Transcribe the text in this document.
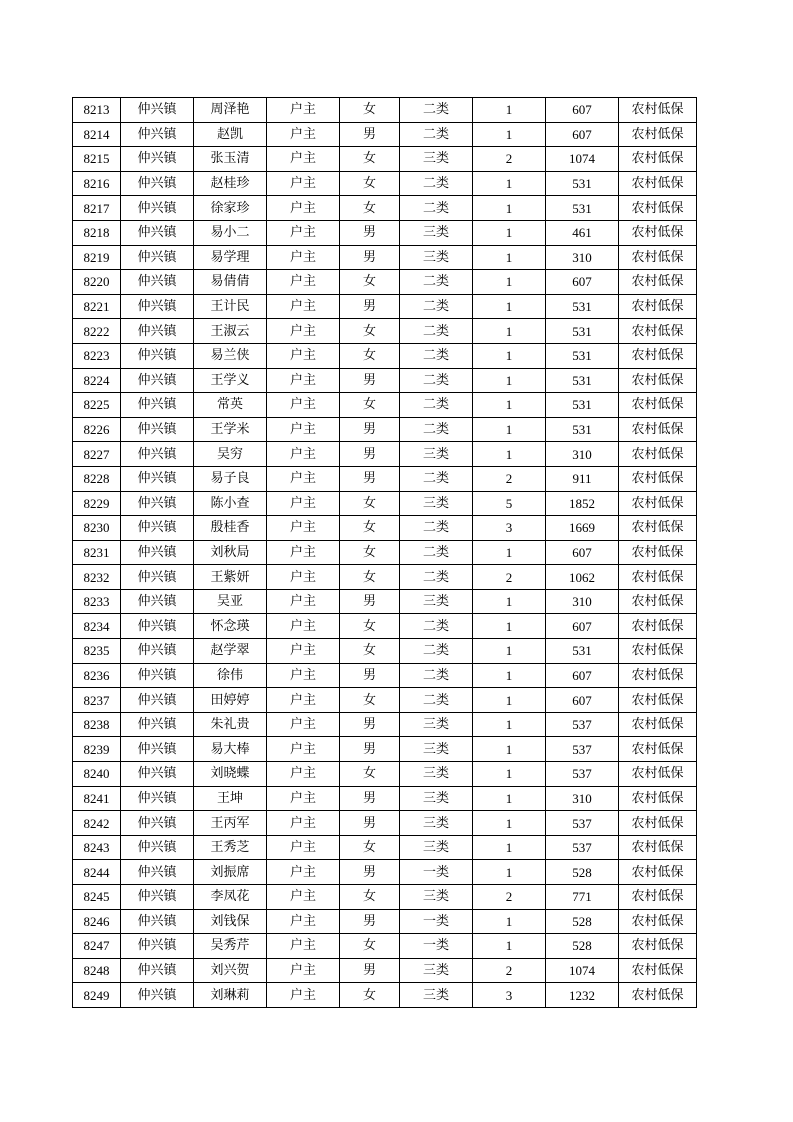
8213	仲兴镇	周泽艳	户主	女	二类	1	607	农村低保
8214	仲兴镇	赵凯	户主	男	二类	1	607	农村低保
8215	仲兴镇	张玉清	户主	女	三类	2	1074	农村低保
8216	仲兴镇	赵桂珍	户主	女	二类	1	531	农村低保
8217	仲兴镇	徐家珍	户主	女	二类	1	531	农村低保
8218	仲兴镇	易小二	户主	男	三类	1	461	农村低保
8219	仲兴镇	易学理	户主	男	三类	1	310	农村低保
8220	仲兴镇	易倩倩	户主	女	二类	1	607	农村低保
8221	仲兴镇	王计民	户主	男	二类	1	531	农村低保
8222	仲兴镇	王淑云	户主	女	二类	1	531	农村低保
8223	仲兴镇	易兰侠	户主	女	二类	1	531	农村低保
8224	仲兴镇	王学义	户主	男	二类	1	531	农村低保
8225	仲兴镇	常英	户主	女	二类	1	531	农村低保
8226	仲兴镇	王学米	户主	男	二类	1	531	农村低保
8227	仲兴镇	吴穷	户主	男	三类	1	310	农村低保
8228	仲兴镇	易子良	户主	男	二类	2	911	农村低保
8229	仲兴镇	陈小查	户主	女	三类	5	1852	农村低保
8230	仲兴镇	殷桂香	户主	女	二类	3	1669	农村低保
8231	仲兴镇	刘秋局	户主	女	二类	1	607	农村低保
8232	仲兴镇	王紫妍	户主	女	二类	2	1062	农村低保
8233	仲兴镇	吴亚	户主	男	三类	1	310	农村低保
8234	仲兴镇	怀念瑛	户主	女	二类	1	607	农村低保
8235	仲兴镇	赵学翠	户主	女	二类	1	531	农村低保
8236	仲兴镇	徐伟	户主	男	二类	1	607	农村低保
8237	仲兴镇	田婷婷	户主	女	二类	1	607	农村低保
8238	仲兴镇	朱礼贵	户主	男	三类	1	537	农村低保
8239	仲兴镇	易大棒	户主	男	三类	1	537	农村低保
8240	仲兴镇	刘晓蝶	户主	女	三类	1	537	农村低保
8241	仲兴镇	王坤	户主	男	三类	1	310	农村低保
8242	仲兴镇	王丙军	户主	男	三类	1	537	农村低保
8243	仲兴镇	王秀芝	户主	女	三类	1	537	农村低保
8244	仲兴镇	刘振席	户主	男	一类	1	528	农村低保
8245	仲兴镇	李凤花	户主	女	三类	2	771	农村低保
8246	仲兴镇	刘钱保	户主	男	一类	1	528	农村低保
8247	仲兴镇	吴秀芹	户主	女	一类	1	528	农村低保
8248	仲兴镇	刘兴贺	户主	男	三类	2	1074	农村低保
8249	仲兴镇	刘琳莉	户主	女	三类	3	1232	农村低保
